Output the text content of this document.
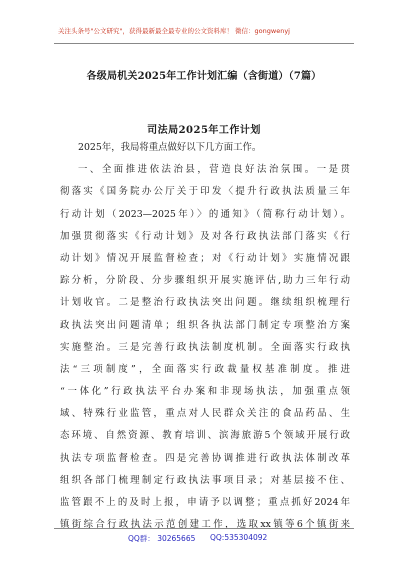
关注头条号"公文研究"，获得最新最全最专业的公文资料库！ 微信：gongwenyj
各级局机关2025年工作计划汇编（含街道）（7篇）
司法局2025年工作计划
2025年，我局将重点做好以下几方面工作。
一、全面推进依法治县，营造良好法治氛围。一是贯
彻落实《国务院办公厅关于印发〈提升行政执法质量三年
行动计划（2023—2025年）〉的通知》（简称行动计划）。
加强贯彻落实《行动计划》及对各行政执法部门落实《行
动计划》情况开展监督检查；对《行动计划》实施情况跟
踪分析，分阶段、分步骤组织开展实施评估,助力三年行动
计划收官。二是整治行政执法突出问题。继续组织梳理行
政执法突出问题清单；组织各执法部门制定专项整治方案
实施整治。三是完善行政执法制度机制。全面落实行政执
法“三项制度”，全面落实行政裁量权基准制度。推进
“一体化”行政执法平台办案和非现场执法，加强重点领
域、特殊行业监管，重点对人民群众关注的食品药品、生
态环境、自然资源、教育培训、滨海旅游5个领域开展行政
执法专项监督检查。四是完善协调推进行政执法体制改革
组织各部门梳理制定行政执法事项目录；对基层接不住、
监管跟不上的及时上报，申请予以调整；重点抓好2024年
镇街综合行政执法示范创建工作，选取xx镇等6个镇街来
QQ群： 30265665 QQ:535304092
